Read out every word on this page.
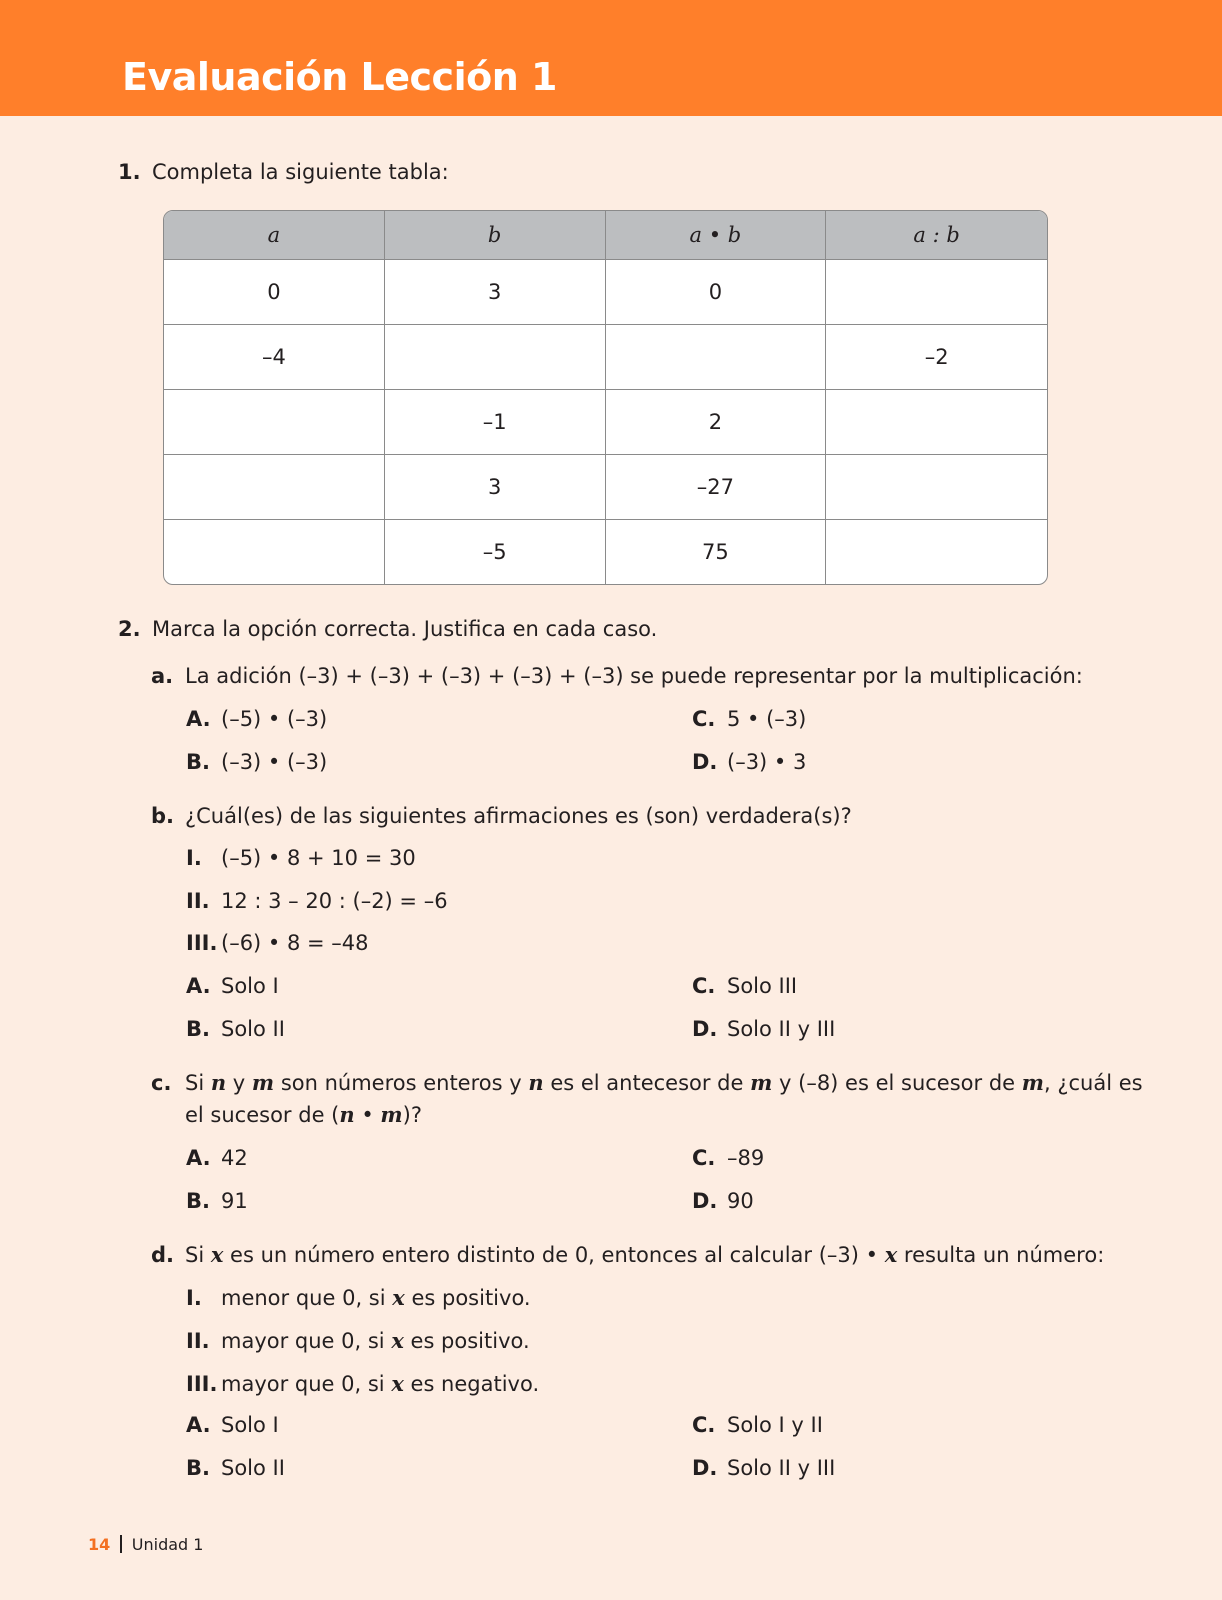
Evaluación Lección 1
1. Completa la siguiente tabla:
a	b	a • b	a : b
0	3	0	
–4			–2
	–1	2	
	3	–27	
	–5	75	
2. Marca la opción correcta. Justifica en cada caso.
a. La adición (–3) + (–3) + (–3) + (–3) + (–3) se puede representar por la multiplicación:
A. (–5) • (–3)	C. 5 • (–3)
B. (–3) • (–3)	D. (–3) • 3
b. ¿Cuál(es) de las siguientes afirmaciones es (son) verdadera(s)?
I. (–5) • 8 + 10 = 30
II. 12 : 3 – 20 : (–2) = –6
III. (–6) • 8 = –48
A. Solo I	C. Solo III
B. Solo II	D. Solo II y III
c. Si n y m son números enteros y n es el antecesor de m y (–8) es el sucesor de m, ¿cuál es
el sucesor de (n • m)?
A. 42	C. –89
B. 91	D. 90
d. Si x es un número entero distinto de 0, entonces al calcular (–3) • x resulta un número:
I. menor que 0, si x es positivo.
II. mayor que 0, si x es positivo.
III. mayor que 0, si x es negativo.
A. Solo I	C. Solo I y II
B. Solo II	D. Solo II y III
14 Unidad 1
